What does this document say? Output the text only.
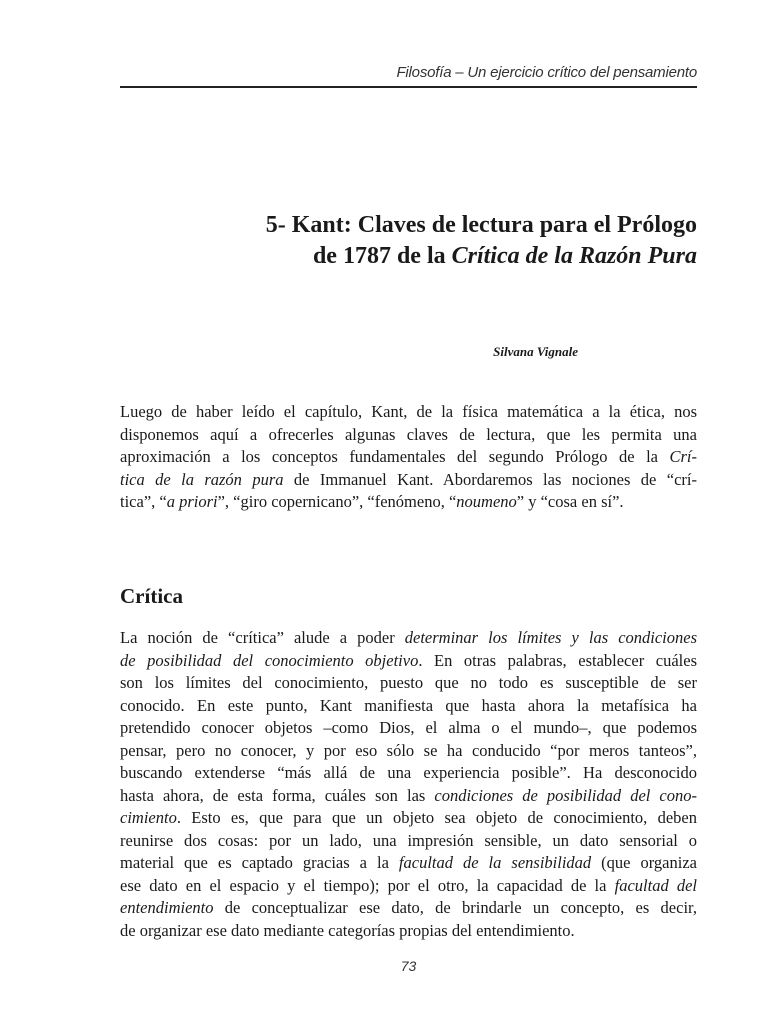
Filosofía – Un ejercicio crítico del pensamiento
5- Kant: Claves de lectura para el Prólogo
de 1787 de la Crítica de la Razón Pura
Silvana Vignale

Luego de haber leído el capítulo, Kant, de la física matemática a la ética, nos
disponemos aquí a ofrecerles algunas claves de lectura, que les permita una
aproximación a los conceptos fundamentales del segundo Prólogo de la Crí-
tica de la razón pura de Immanuel Kant. Abordaremos las nociones de “crí-
tica”, “a priori”, “giro copernicano”, “fenómeno, “noumeno” y “cosa en sí”.

Crítica

La noción de “crítica” alude a poder determinar los límites y las condiciones
de posibilidad del conocimiento objetivo. En otras palabras, establecer cuáles
son los límites del conocimiento, puesto que no todo es susceptible de ser
conocido. En este punto, Kant manifiesta que hasta ahora la metafísica ha
pretendido conocer objetos –como Dios, el alma o el mundo–, que podemos
pensar, pero no conocer, y por eso sólo se ha conducido “por meros tanteos”,
buscando extenderse “más allá de una experiencia posible”. Ha desconocido
hasta ahora, de esta forma, cuáles son las condiciones de posibilidad del cono-
cimiento. Esto es, que para que un objeto sea objeto de conocimiento, deben
reunirse dos cosas: por un lado, una impresión sensible, un dato sensorial o
material que es captado gracias a la facultad de la sensibilidad (que organiza
ese dato en el espacio y el tiempo); por el otro, la capacidad de la facultad del
entendimiento de conceptualizar ese dato, de brindarle un concepto, es decir,
de organizar ese dato mediante categorías propias del entendimiento.

73
